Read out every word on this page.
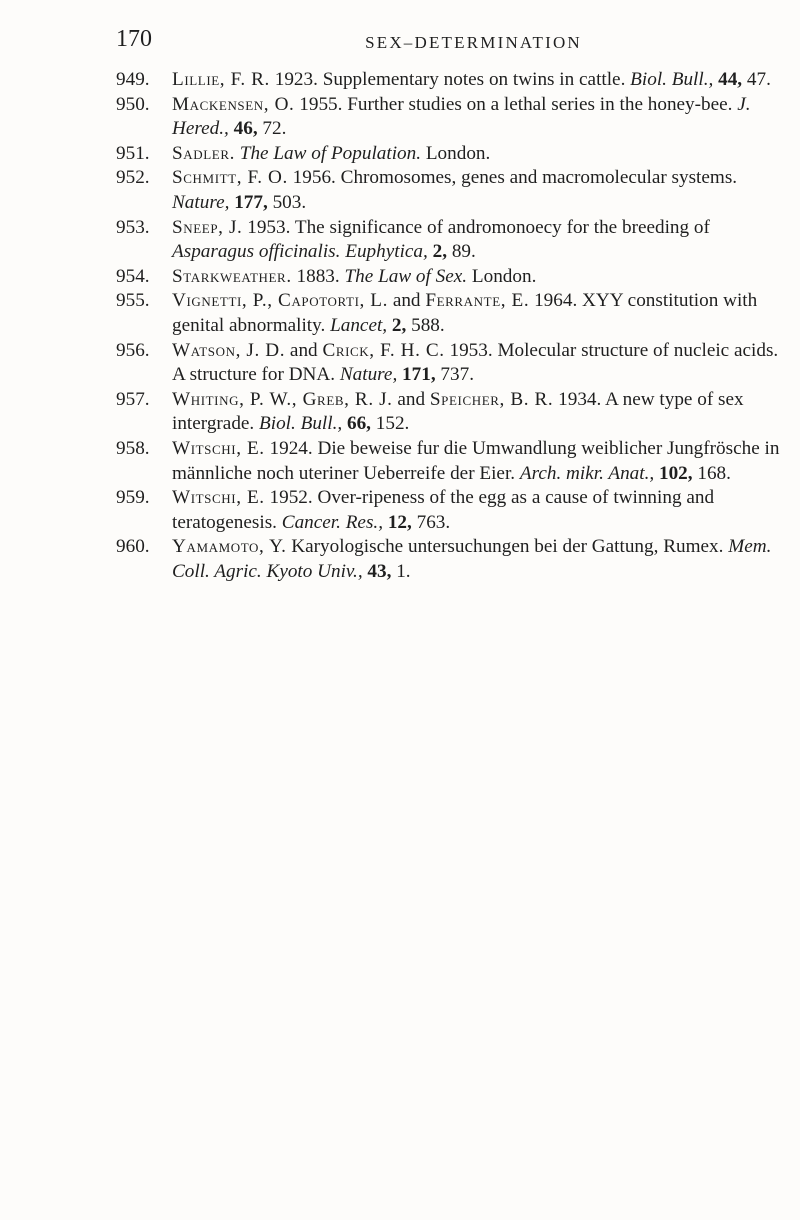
170	SEX–DETERMINATION
949. Lillie, F. R. 1923. Supplementary notes on twins in cattle. Biol. Bull., 44, 47.
950. Mackensen, O. 1955. Further studies on a lethal series in the honey-bee. J. Hered., 46, 72.
951. Sadler. The Law of Population. London.
952. Schmitt, F. O. 1956. Chromosomes, genes and macromolecular systems. Nature, 177, 503.
953. Sneep, J. 1953. The significance of andromonoecy for the breeding of Asparagus officinalis. Euphytica, 2, 89.
954. Starkweather. 1883. The Law of Sex. London.
955. Vignetti, P., Capotorti, L. and Ferrante, E. 1964. XYY constitution with genital abnormality. Lancet, 2, 588.
956. Watson, J. D. and Crick, F. H. C. 1953. Molecular structure of nucleic acids. A structure for DNA. Nature, 171, 737.
957. Whiting, P. W., Greb, R. J. and Speicher, B. R. 1934. A new type of sex intergrade. Biol. Bull., 66, 152.
958. Witschi, E. 1924. Die beweise fur die Umwandlung weiblicher Jungfrösche in männliche noch uteriner Ueberreife der Eier. Arch. mikr. Anat., 102, 168.
959. Witschi, E. 1952. Over-ripeness of the egg as a cause of twinning and teratogenesis. Cancer. Res., 12, 763.
960. Yamamoto, Y. Karyologische untersuchungen bei der Gattung, Rumex. Mem. Coll. Agric. Kyoto Univ., 43, 1.
